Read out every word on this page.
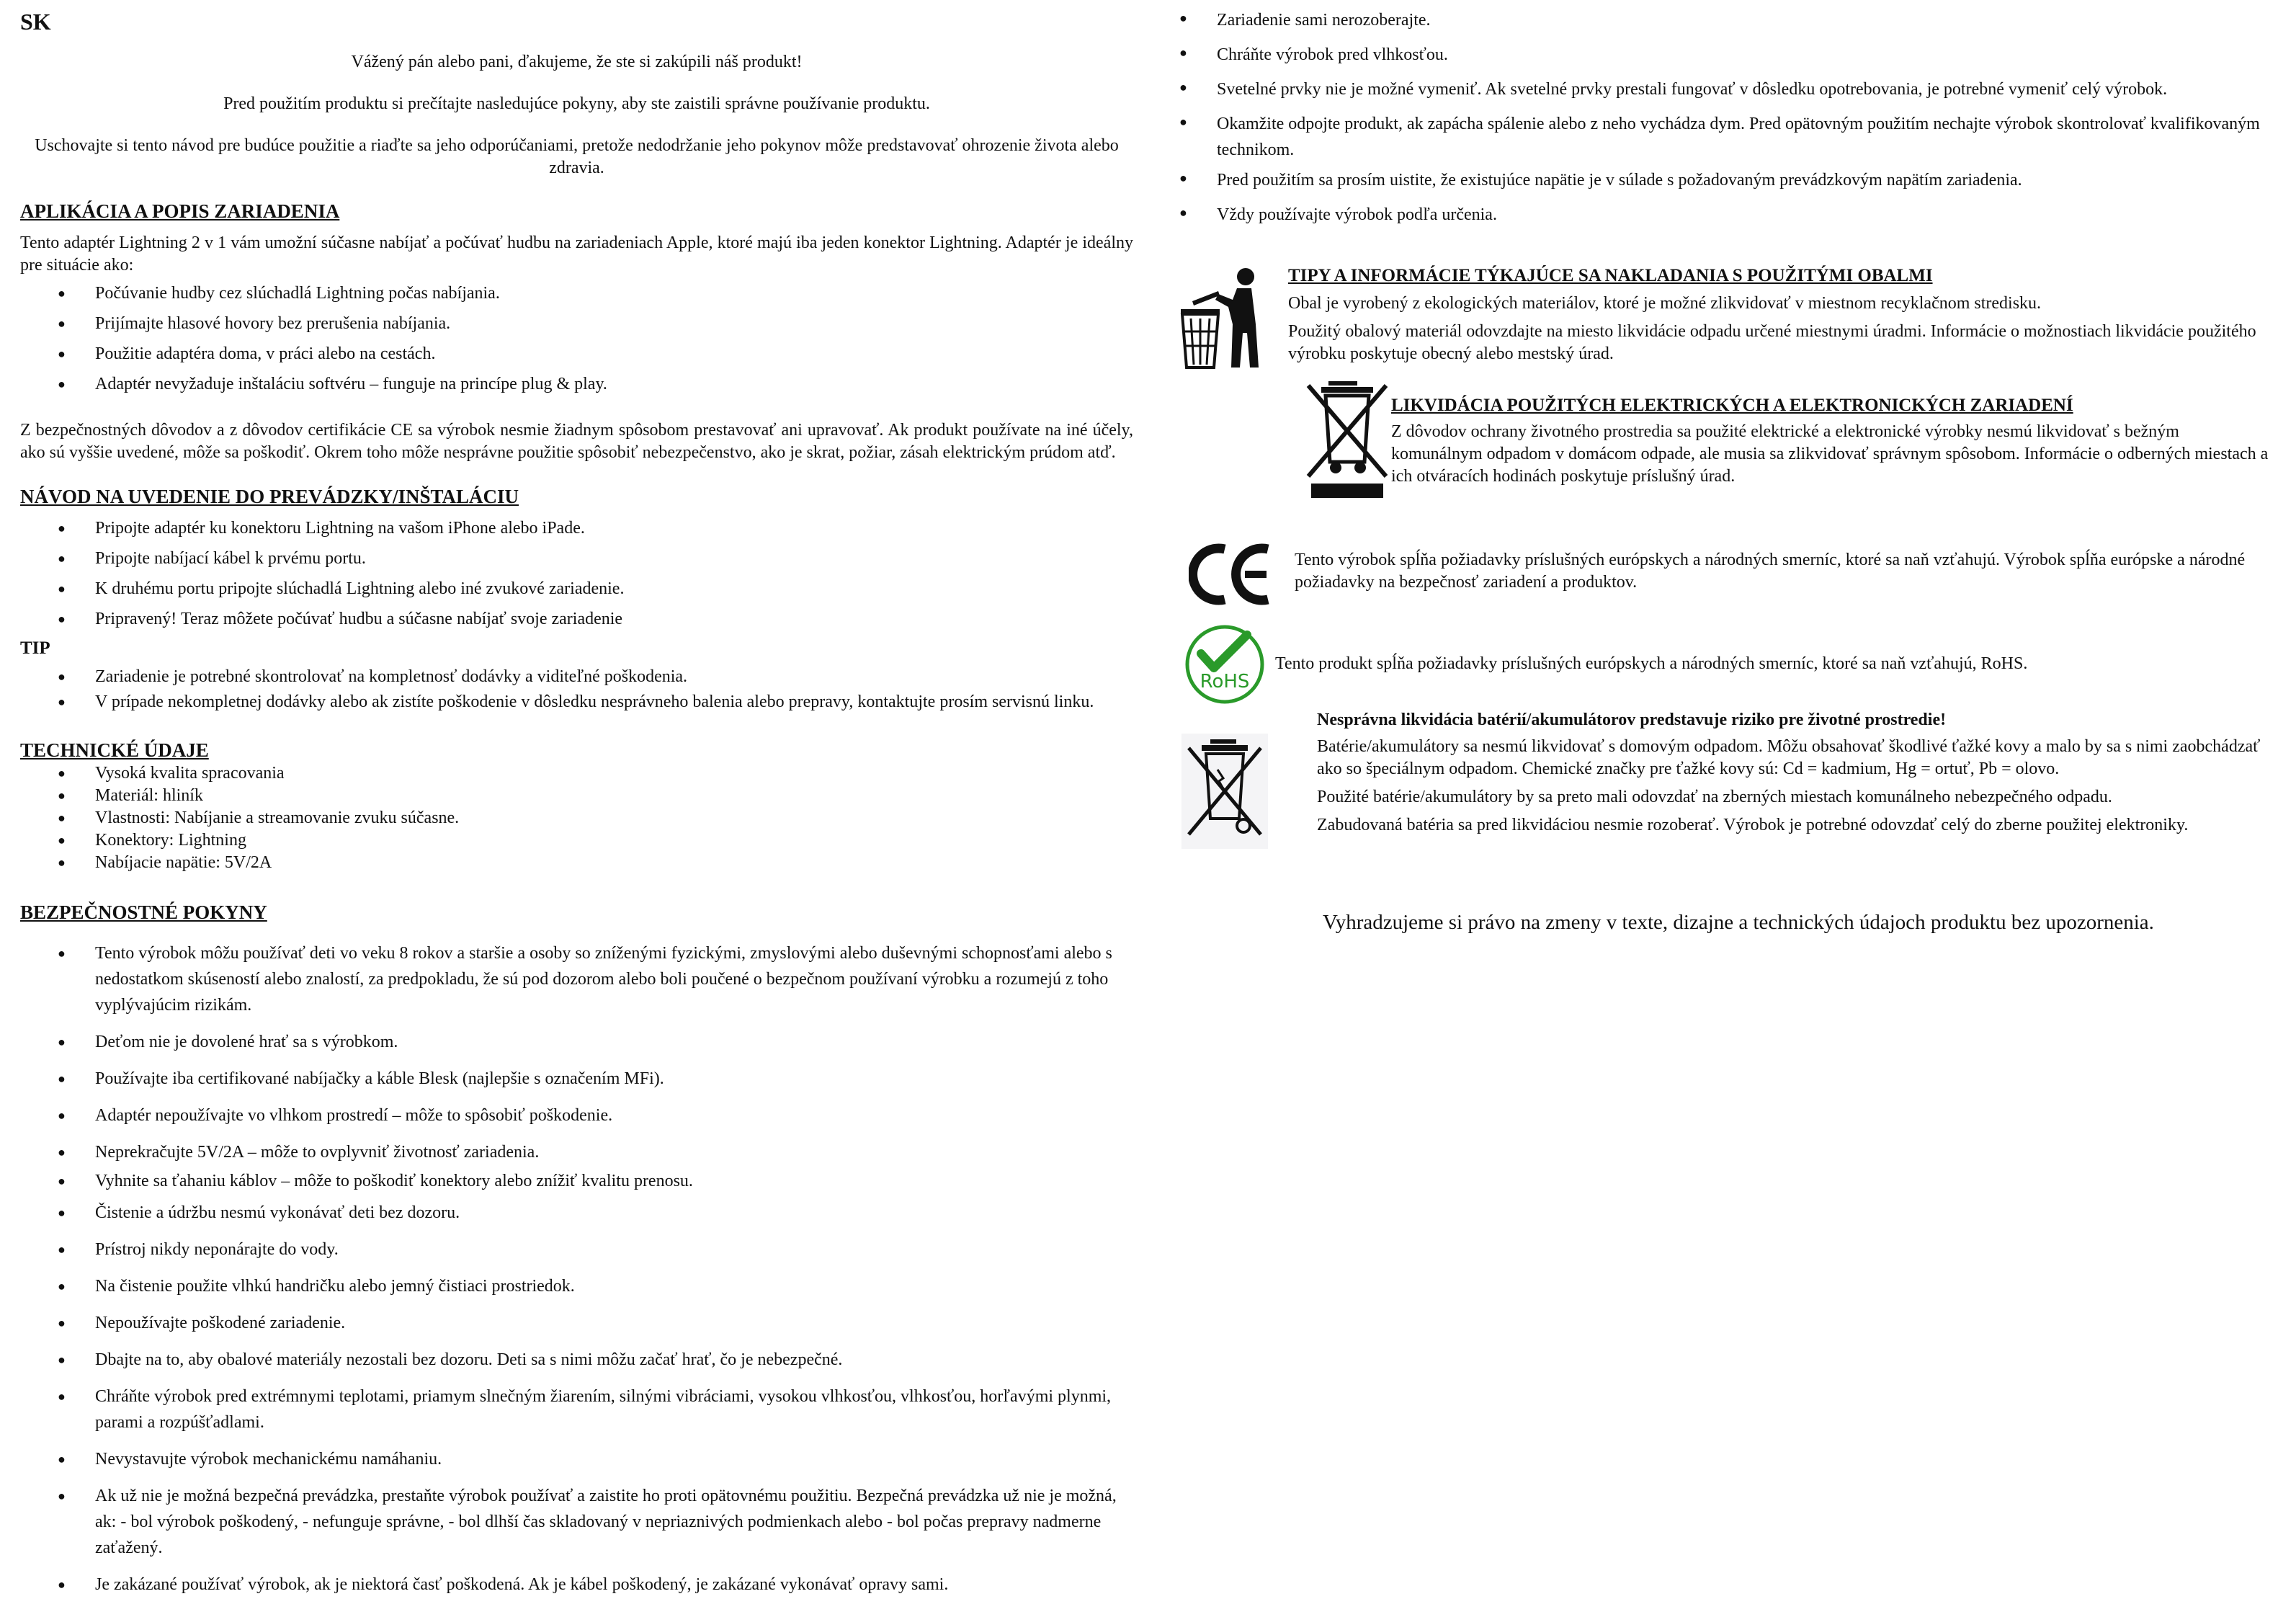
SK

Vážený pán alebo pani, ďakujeme, že ste si zakúpili náš produkt!

Pred použitím produktu si prečítajte nasledujúce pokyny, aby ste zaistili správne používanie produktu.

Uschovajte si tento návod pre budúce použitie a riaďte sa jeho odporúčaniami, pretože nedodržanie jeho pokynov môže predstavovať ohrozenie života alebo zdravia.

APLIKÁCIA A POPIS ZARIADENIA

Tento adaptér Lightning 2 v 1 vám umožní súčasne nabíjať a počúvať hudbu na zariadeniach Apple, ktoré majú iba jeden konektor Lightning. Adaptér je ideálny pre situácie ako:

● Počúvanie hudby cez slúchadlá Lightning počas nabíjania.
● Prijímajte hlasové hovory bez prerušenia nabíjania.
● Použitie adaptéra doma, v práci alebo na cestách.
● Adaptér nevyžaduje inštaláciu softvéru – funguje na princípe plug & play.

Z bezpečnostných dôvodov a z dôvodov certifikácie CE sa výrobok nesmie žiadnym spôsobom prestavovať ani upravovať. Ak produkt používate na iné účely, ako sú vyššie uvedené, môže sa poškodiť. Okrem toho môže nesprávne použitie spôsobiť nebezpečenstvo, ako je skrat, požiar, zásah elektrickým prúdom atď.

NÁVOD NA UVEDENIE DO PREVÁDZKY/INŠTALÁCIU
● Pripojte adaptér ku konektoru Lightning na vašom iPhone alebo iPade.
● Pripojte nabíjací kábel k prvému portu.
● K druhému portu pripojte slúchadlá Lightning alebo iné zvukové zariadenie.
● Pripravený! Teraz môžete počúvať hudbu a súčasne nabíjať svoje zariadenie
TIP
● Zariadenie je potrebné skontrolovať na kompletnosť dodávky a viditeľné poškodenia.
● V prípade nekompletnej dodávky alebo ak zistíte poškodenie v dôsledku nesprávneho balenia alebo prepravy, kontaktujte prosím servisnú linku.
TECHNICKÉ ÚDAJE
● Vysoká kvalita spracovania
● Materiál: hliník
● Vlastnosti: Nabíjanie a streamovanie zvuku súčasne.
● Konektory: Lightning
● Nabíjacie napätie: 5V/2A
BEZPEČNOSTNÉ POKYNY
● Tento výrobok môžu používať deti vo veku 8 rokov a staršie a osoby so zníženými fyzickými, zmyslovými alebo duševnými schopnosťami alebo s nedostatkom skúseností alebo znalostí, za predpokladu, že sú pod dozorom alebo boli poučené o bezpečnom používaní výrobku a rozumejú z toho vyplývajúcim rizikám.
● Deťom nie je dovolené hrať sa s výrobkom.
● Používajte iba certifikované nabíjačky a káble Blesk (najlepšie s označením MFi).
● Adaptér nepoužívajte vo vlhkom prostredí – môže to spôsobiť poškodenie.
● Neprekračujte 5V/2A – môže to ovplyvniť životnosť zariadenia.
● Vyhnite sa ťahaniu káblov – môže to poškodiť konektory alebo znížiť kvalitu prenosu.
● Čistenie a údržbu nesmú vykonávať deti bez dozoru.
● Prístroj nikdy neponárajte do vody.
● Na čistenie použite vlhkú handričku alebo jemný čistiaci prostriedok.
● Nepoužívajte poškodené zariadenie.
● Dbajte na to, aby obalové materiály nezostali bez dozoru. Deti sa s nimi môžu začať hrať, čo je nebezpečné.
● Chráňte výrobok pred extrémnymi teplotami, priamym slnečným žiarením, silnými vibráciami, vysokou vlhkosťou, vlhkosťou, horľavými plynmi, parami a rozpúšťadlami.
● Nevystavujte výrobok mechanickému namáhaniu.
● Ak už nie je možná bezpečná prevádzka, prestaňte výrobok používať a zaistite ho proti opätovnému použitiu. Bezpečná prevádzka už nie je možná, ak: - bol výrobok poškodený, - nefunguje správne, - bol dlhší čas skladovaný v nepriaznivých podmienkach alebo - bol počas prepravy nadmerne zaťažený.
● Je zakázané používať výrobok, ak je niektorá časť poškodená. Ak je kábel poškodený, je zakázané vykonávať opravy sami.
● Zariadenie sami nerozoberajte.
● Chráňte výrobok pred vlhkosťou.
● Svetelné prvky nie je možné vymeniť. Ak svetelné prvky prestali fungovať v dôsledku opotrebovania, je potrebné vymeniť celý výrobok.
● Okamžite odpojte produkt, ak zapácha spálenie alebo z neho vychádza dym. Pred opätovným použitím nechajte výrobok skontrolovať kvalifikovaným technikom.
● Pred použitím sa prosím uistite, že existujúce napätie je v súlade s požadovaným prevádzkovým napätím zariadenia.
● Vždy používajte výrobok podľa určenia.
TIPY A INFORMÁCIE TÝKAJÚCE SA NAKLADANIA S POUŽITÝMI OBALMI

Obal je vyrobený z ekologických materiálov, ktoré je možné zlikvidovať v miestnom recyklačnom stredisku.

Použitý obalový materiál odovzdajte na miesto likvidácie odpadu určené miestnymi úradmi. Informácie o možnostiach likvidácie použitého výrobku poskytuje obecný alebo mestský úrad.

LIKVIDÁCIA POUŽITÝCH ELEKTRICKÝCH A ELEKTRONICKÝCH ZARIADENÍ

Z dôvodov ochrany životného prostredia sa použité elektrické a elektronické výrobky nesmú likvidovať s bežným komunálnym odpadom v domácom odpade, ale musia sa zlikvidovať správnym spôsobom. Informácie o odberných miestach a ich otváracích hodinách poskytuje príslušný úrad.

Tento výrobok spĺňa požiadavky príslušných európskych a národných smerníc, ktoré sa naň vzťahujú. Výrobok spĺňa európske a národné požiadavky na bezpečnosť zariadení a produktov.

RoHS

Tento produkt spĺňa požiadavky príslušných európskych a národných smerníc, ktoré sa naň vzťahujú, RoHS.

Nesprávna likvidácia batérií/akumulátorov predstavuje riziko pre životné prostredie!

Batérie/akumulátory sa nesmú likvidovať s domovým odpadom. Môžu obsahovať škodlivé ťažké kovy a malo by sa s nimi zaobchádzať ako so špeciálnym odpadom. Chemické značky pre ťažké kovy sú: Cd = kadmium, Hg = ortuť, Pb = olovo.

Použité batérie/akumulátory by sa preto mali odovzdať na zberných miestach komunálneho nebezpečného odpadu.

Zabudovaná batéria sa pred likvidáciou nesmie rozoberať. Výrobok je potrebné odovzdať celý do zberne použitej elektroniky.

Vyhradzujeme si právo na zmeny v texte, dizajne a technických údajoch produktu bez upozornenia.
